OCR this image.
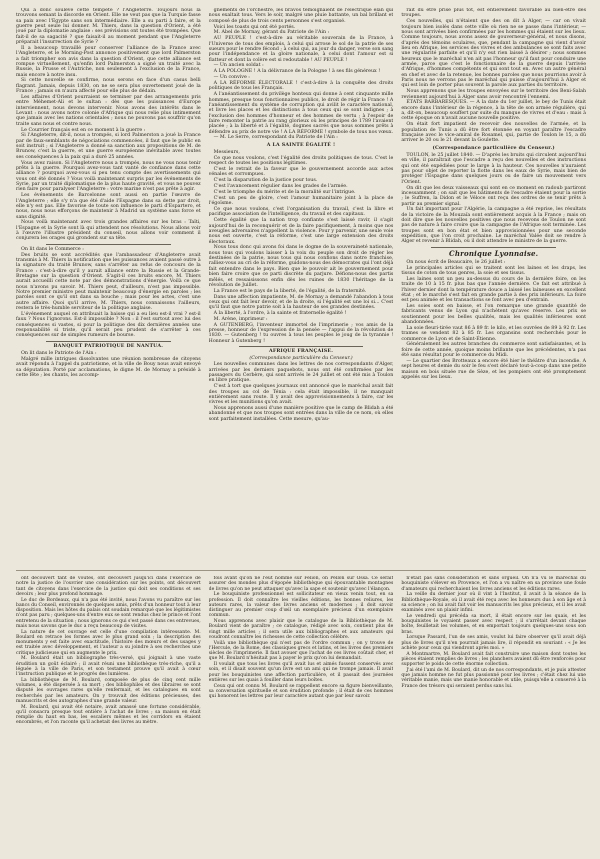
Qui a donc soulevé cette tempête ? l'Angleterre. Toujours nous la trouvons semant la discorde en Orient. Elle ne veut pas que la Turquie fasse sa paix avec l'Egypte sans son intermédiaire. Elle a su parti à faire, et la guerre peut seule lui donner. M. Thiers, dans la question d'Orient, a été joué par la diplomatie anglaise : ses prévisions ont toutes été trompées. Que fait-il de sa sagacité ? que faisait-il au moment pendant que l'Angleterre préparait l'insurrection de Syrie ?

Il a beaucoup travaillé pour conserver l'alliance de la France avec l'Angleterre, et le Morning-Post annonce positivement que lord Palmerston a fait triompher son avis dans la question d'Orient, que cette alliance est rompue virtuellement, qu'enfin lord Palmerston a signé un traité avec la Russie, la Prusse et l'Autriche, non seulement à l'exclusion de la France, mais encore à notre insu.

Si cette nouvelle se confirme, nous serons en face d'un casus belli flagrant. Jamais, depuis 1830, on ne se sera plus ouvertement joué de la France ; jamais on n'aura affecté pour elle plus de dédain.

Les affaires d'Orient pourraient se terminer par des arrangements pris entre Méhemet-Ali et le sultan : dès que les puissances d'Europe interviennent, nous devons intervenir. Nous avons des intérêts dans le Levant : nous avons notre colonie d'Afrique qui nous relie plus intimement que jamais avec les nations orientales ; nous ne pouvons pas souffrir qu'on traite sans nous et contre nous.

Le Courrier français est en ce moment à la guerre :

Si l'Angleterre, dit-il, nous a trompés, si lord Palmerston a joué la France par de faux-semblants de négociations commencées, il faut que le public en soit instruit ; si l'Angleterre a donné sa sanction aux propositions de M. de Brunow, c'est la guerre, et une guerre européenne inévitable avec toutes ses conséquences à la paix qui a duré 25 années.

Vous avez raison. Si l'Angleterre nous a trompés, nous ne vous nous tenir prêts à la guerre. Pourquoi avez-vous tant vanté de confiance dans cette alliance ? pourquoi avez-vous si peu tenu compte des avertissements qui vous ont été donnés ? Vous voilà maintenant surpris par les événements de Syrie, par un traité diplomatique de la plus haute gravité, et vous ne pouvez rien faire pour paralyser l'Angleterre : votre marine n'est pas prête à agir.

Les événements de Barcelonne sont aussi en partie l'œuvre de l'Angleterre ; elle s'y n'a que été d'aide l'Espagne dans sa dette par droit, elle n'y est pas. Elle favorise de toute son influence le parti d'Espartero, et nous, nous nous efforçons de maintenir à Madrid un système sans force et sans dignité.

Nous voilà maintenant avec trois grandes affaires sur les bras : Taïti, l'Espagne et la Syrie sont là qui attendent nos résolutions. Nous allons voir à l'œuvre l'illustre président du conseil, nous allons voir comment il conjurera les orages qui grondent sur sa tête.

On lit dans le Commerce :

Des bruits se sont accrédités que l'ambassadeur d'Angleterre avait transmis à M. Thiers la notification que les puissances avaient passé outre à la signature du traité Brunow, sans s'arrêter au refus de concours de la France : c'est-à-dire qu'il y aurait alliance entre la Russie et la Grande-Bretagne sur la question d'Orient. S'agit-il ces bruits encore, M. Thiers aurait accueilli cette note par des démonstrations d'énergie. Voilà ce que nous n'avons pu savoir. M. Thiers peut, d'ailleurs, n'est pas impossible. Notre premier ministre peut maintenir beaucoup d'énergie en paroles ; les paroles sont ce qu'il ont dans sa bouche ; mais pour les actes, c'est une autre affaire. Quoi qu'il arrive, M. Thiers, nous connaissons l'ailleurs, restera le très-humble serviteur de la politique anglaise.

L'événement auquel on attribuait la baisse qui a eu lieu est-il vrai ? est-il faux ? Nous l'ignorons. Est-il impossible ? Non : il l'est surtout avec lui des conséquences si vastes, si pour la politique des dix dernières années une responsabilité si triste, qu'il serait peu prudent de s'arrêter à ces conséquences sur de simples rumeurs de bourse.

BANQUET PATRIOTIQUE DE NANTUA.

On lit dans le Patriote de l'Ain :

Malgré mille intrigues dissolvantes une réunion nombreuse de citoyens avait répondu à l'appel du patriotisme, et la ville de Bouy nous avait envoyé sa députation. Porté par acclamations, le digne M. de Mornay a présidé à cette fête ; les chants, les accomp-

gnements de l'orchestre, les bravos témoignaient de l'électrique élan qui nous exaltait tous. Vers le soir, malgré une pluie battante, un bal brillant et composé de plus de trois cents personnes s'est organisé.

Voici les toasts qui ont été portés.

M. Abel de Mornay, gérant du Patriote de l'Ain :

AU PEUPLE ! c'est-à-dire au véritable souverain de la France, à l'Universe de tous des emplois, à celui qui arrose le sol de la patrie de ses sueurs pour le rendre fécond ; à celui qui, au jour du danger, verse son sang pour l'indépendance et la gloire nationale, à celui dont l'amour est si flatteur et dont la colère est si redoutable ! AU PEUPLE !

— Un ancien soldat :

A LA POLOGNE ! A la délivrance de la Pologne ! à ses fils généreux !

— Un convive :

A LA RÉFORME ÉLECTORALE ! c'est-à-dire à la conquête des droits politiques de tous les Français.

A l'anéantissement du privilège honteux qui donne à cent cinquante mille hommes, presque tous fonctionnaires publics, le droit de régir la France ! A l'anéantissement du système de corruption qui avilit le caractère national, et livre les places et les distinctions à tous ceux qui se sont indignes ; à l'exclusion des hommes d'honneur et des hommes de vertu ; à l'espoir de faire remonter la patrie au rang glorieux où les principes de 1789 l'avaient placée ; à la liberté et à l'égalité, dogmes sacrés que nous sommes prêts à défendre au prix de notre vie ! A LA RÉFORME ! symbole de tous nos vœux.

— M. Le Serre, correspondant du Patriote de l'Ain :

A LA SAINTE ÉGALITÉ !

Messieurs,

Ce que nous voulons, c'est l'égalité des droits politiques de tous. C'est le respect de toutes les positions légitimes.

C'est le retrait de la faveur que le gouvernement accorde aux actes vénales et corrompues.

C'est la disparution de la justice pour tous.

C'est l'avancement régulier dans les grades de l'armée.

C'est le triomphe du mérite et de la moralité sur l'intrigue.

C'est un peu de gloire, c'est l'amour humanitaire joint à la place de l'égoïsme.

Ce que nous voulons, c'est l'organisation du travail, c'est la libre et pacifique association de l'intelligence, du travail et des capitaux.

Cette égalité que la nation trop confiante s'est laissé ravir, il s'agit aujourd'hui de la reconquérir et de la faire pacifiquement, à moins que nos aveugles adversaires n'appellent la violence. Pour y parvenir, une seule voie nous est ouverte, c'est la réforme, c'est une large extension des droits électoraux.

Nous tous donc qui avons foi dans le dogme de la souveraineté nationale, nous tous qui voulons laisser à la voix du peuple son droit de régler les destinées de la patrie, nous tous qui nous confions dans notre franchise, ralliez-vous au cri de la réforme, guidons-nous des démocrates qui l'ont déjà fait entendre dans le pays. Bien que le pouvoir ait le gouvernement pour bien faire croire que ce parti discrète du parjure. Défions-nous des partis mêlés, et ressaisissons enfin dès les ruines de 1830 l'héritage de la révolution de Juillet.

La France est le pays de la liberté, de l'égalité, de la fraternité.

Dans une affection impatiente, M. de Mornay a demandé l'abandon à tous ceux qui ont fait leur devoir, et de la droite, si l'égalité est une loi si... C'est qu'il faut que notre patrie soit à la hauteur de ses grandes destinées.

A la liberté, à l'ordre, à la sainte et fraternelle égalité !

M. Arène, imprimeur :

A GUTENBERG, l'inventeur immortel de l'imprimerie ; vos amis de la presse, honneur de l'expression de la pensée — l'appui de la révolution de 1830. — Gutenberg ! tu ouvres à tous les peuples le joug de la tyrannie ! Honneur à Gutenberg !

AFRIQUE FRANÇAISE.

(Correspondance particulière du Censeur.)

Les nouvelles communes dans les lettres de nos correspondants d'Alger, arrivées par les derniers paquebots, nous ont été confirmées par les passagers du Cerbère, qui sont arrivés le 24 juillet et ont été mis à Toulon en libre pratique.

C'est à tort que quelques journaux ont annoncé que le maréchal avait fait des troupes au col de Ténia : cela était impossible, il ne manquait entièrement sans route. Il y avait des approvisionnements à faire, car les vivres et les munitions qu'on avait.

Nous apprenons aussi d'une manière positive que le camp de Blidah a été abandonné et que nos troupes sont entrées dans la ville de ce nom, où elles sont parfaitement installées. Cette mesure, qu'au-

rait dû être prise plus tôt, est entièrement favorable au bien-être des troupes.

Ces nouvelles, qui n'étaient que des on dit à Alger, — car on vivait toujours bien isolés dans cette ville où rien ne se passe dans l'intérieur, — nous sont arrivées bien confirmées par les hommes qui étaient sur les lieux. Comme toujours, nous avons assez de gouverneur-général, et nous disons, d'après des témoins oculaires, que, pendant la campagne qui vient d'avoir lieu en Afrique, les services des vivres et des ambulances se sont faits avec une régularité parfaite et qu'il n'y eut rien laissé à désirer ; nous sommes heureux que le maréchal n'en ait pas l'honneur qu'il faut pour conduire une armée, parce que c'est le fonctionnaire de la guerre depuis l'arrivée d'Afrique, d'hommes compétents et qui sont tout en. Avec un autre général en chef et avec de la retenue, les bonnes paroles que nous pourrions avoir à Paris nous ne verrons pas le maréchal qui puisse d'aujourd'hui à Alger et qui est loin de porter plus souvent la parole aux parties du territoire.

Nous apprenons que les troupes envoyées sur le territoire des Beni-Salah reviennent aujourd'hui à Alger sans avoir rencontré l'ennemi.

ÉTATS BARBARESQUES. — A la date du 1er juillet, le bey de Tunis était encore dans l'intérieur de la régence, à la tête de son armée régulière, qui a, dit-on, beaucoup souffert par suite du manque de vivres et d'eau : mais à cette époque on n'avait aucune nouvelle positive.

On était fort impatient de recevoir des nouvelles de l'armée, et la population de Tunis a dû être fort étonnée en voyant paraître l'escadre française avec le vice-amiral de Rosamel, qui, partie de Toulon le 15, a dû arriver le 20 ou le 21 devant la Goulette.

(Correspondance particulière du Censeur.)

TOULON, le 25 juillet 1840. — D'après les bruits qui circulent aujourd'hui en ville, il paraîtrait que l'escadre a reçu des nouvelles et des instructions qui ont été expédiées pour le large à la hauteur. Ces nouvelles n'auraient pas pour objet de reporter la flotte dans les eaux de Syrie, mais bien de protéger l'Espagne dans quelques jours ou de faire un mouvement vers l'Orient.

On dit que les deux vaisseaux qui sont en ce moment en radoub partiront incessamment ; on sait que les bâtiments de l'escadre étaient pour la sortie ; le Suffren, la Didon et le Véloce ont reçu des ordres de se tenir prêts à partir au premier signal.

Un fait important pour l'Algérie, la campagne a été reprise, les résultats de la victoire de la Mouzaïa sont entièrement acquis à la France ; mais on doit dire que les nouvelles positives que nous recevons de Toulon ne sont pas de nature à faire croire que la campagne de l'Afrique soit terminée. Les troupes sont en bon état et bien approvisionnées pour une seconde expédition, que l'on croit prochaine. Le maréchal Valée doit se rendre à Alger et revenir à Blidah, où il doit attendre le ministre de la guerre.

Chronique Lyonnaise.

On nous écrit de Beaucaire, le 26 juillet :

Le principales articles qui se traitent sont les laines et les draps, les tissus de coton de tous genres, la soie et ses tissus.

Les laines sont un peu au-dessus du cours de la dernière foire, on les traite de 10 à 15 fr. plus bas que l'année dernière. Ce fait est attribué à l'hiver dernier dont la température douce a laissé les laineuses en excellent état ; et le marché s'est fait en grande partie à des prix inférieurs. La foire est peu animée et les transactions se font avec peu d'entrain.

Les soies sont en baisse, et l'on remarque une grande quantité de fabricants venus de Lyon qui n'achètent qu'avec réserve. Les prix se soutiennent pour les belles qualités, mais les qualités inférieures sont abandonnées.

La soie fleuri-tirée vaut 86 à 89 fr. le kilo, et les ouvrées de 89 à 92 fr. Les trames se vendent 82 à 85 fr. Les organsins sont recherchés pour le commerce de Lyon et de Saint-Étienne.

Généralement les autres branches du commerce sont satisfaisantes, et la foire de cette année, quoique moins brillante que les précédentes, n'a pas été sans résultat pour le commerce du Midi.

— Le quartier des Brotteaux a encore été hier le théâtre d'un incendie. A sept heures et demie du soir le feu s'est déclaré tout-à-coup dans une petite maison en bois située rue de Sèze, et les pompiers ont été promptement appelés sur les lieux.

ont découvert tant de voûtes, ont découvert jusqu'ici dans l'exercice de notre la justice de l'ouvrier une considération sur les points, ont découvert tant de citoyens dans l'exercice de la justice qui doit ses conditions et ses devoirs ; leur plus profond hommage.

Le duc de Bordeaux, qui n'a pas été invité, nous l'avons vu paraître sur les bancs du Conseil, environnés de quelques amis, prêts d'un honneur tout à leur disposition. Mais les hôtes du palais ont soudain remarqué que les légitimistes n'ont pas paru ; quelques-uns d'entre eux se sont rendus chez le prince et l'ont entretenu de la situation ; nous ignorons ce qui s'est passé dans ces entrevues, mais nous savons que le duc a reçu beaucoup de visites.

La nature de cet ouvrage est celle d'une compilation intéressante. M. Boulard en retrace les formes avec le plus grand soin ; la description des monuments y est faite avec exactitude, l'histoire des mœurs et des usages y est traitée avec développement, et l'auteur a su joindre à ses recherches une critique judicieuse qui en augmente le prix.

M. Boulard était un bibliographe très-versé, qui joignait à une vaste érudition un goût éclairé ; il avait réuni une bibliothèque très-riche, qu'il a léguée à la ville de Paris, et son testament prouve qu'il avait à cœur l'instruction publique et le progrès des lumières.

La bibliothèque de M. Boulard, composée de plus de cinq cent mille volumes, a été dispersée à sa mort ; des bibliophiles et des libraires se sont disputé les ouvrages rares qu'elle renfermait, et les catalogues en sont recherchés par les amateurs. On y trouvait des éditions précieuses, des manuscrits et des autographes d'une grande valeur.

M. Boulard, qui avait été notaire, avait amassé une fortune considérable, qu'il consacra presque tout entière à l'achat de livres ; sa maison en était remplie du haut en bas, les escaliers mêmes et les corridors en étaient encombrés, et l'on raconte qu'il achetait des livres au mètre.

fois avant qu'on ne l'eût nommé sur Félion, on Pellon sur Ossa. Ce serait assurer des mondes plus d'épopée bibliothèque qui épouvantable montagnes de livres qu'on ne peut attaquer qu'avec la sape et soutenir qu'avec l'élançon.

Le bouquiniste professionnel est sollicitateur en vieux venin tout, en sa profession. Il doit connaître les vieilles éditions, les bonnes reliures, les auteurs rares, la valeur des livres anciens et modernes ; il doit savoir distinguer au premier coup d'œil un exemplaire précieux d'un exemplaire commun.

Nous apprenons avec plaisir que le catalogue de la Bibliothèque de M. Boulard vient de paraître ; ce catalogue, rédigé avec soin, contient plus de vingt mille articles ; il sera utile aux bibliographes et aux amateurs qui voudront connaître les richesses de cette collection célèbre.

Voilà une bibliothèque qui n'est pas de l'ordre commun ; on y trouve de l'Hercule, de la Rome, des classiques grecs et latins, et les livres des premiers siècles de l'imprimerie. Il faut avouer que l'achat de ces livres coûtait cher, et que M. Boulard n'hésitait pas à payer le prix qu'on lui demandait.

Il voulait que tous les livres qu'il avait lus et aimés fussent conservés avec soin, et il disait souvent qu'un livre est un ami qui ne trompe jamais. Il avait pour les bouquinistes une affection particulière, et il passait des journées entières sur les quais à fouiller dans leurs boîtes.

Ceux qui ont connu M. Boulard se rappellent encore sa figure bienveillante, sa conversation spirituelle et son érudition profonde ; il était de ces hommes qui honorent les lettres par leur caractère autant que par leur savoir.

n'était pas sans considération et sans orgueil. On n'a vu le maréchal du bouquiniste s'élever en Provence, et l'on a vu naître en sa province une foule d'amateurs qui recherchaient les livres anciens et les éditions rares.

La veille du dernier jour où il vint à l'Institut, il avait à la séance de la Bibliothèque-Royale, où il avait été reçu avec les honneurs dus à son âge et à sa science ; on lui avait fait voir les manuscrits les plus précieux, et il les avait examinés avec un plaisir infini.

Le vendredi qui précéda sa mort, il était encore sur les quais, et les bouquinistes le voyaient passer avec respect ; il s'arrêtait devant chaque boîte, feuilletait les volumes, et en emportait toujours quelques-uns sous son bras.

Lorsque Passard, l'un de ses amis, voulut lui faire observer qu'il avait déjà plus de livres qu'il n'en pourrait jamais lire, il répondit en souriant : « Je les achète pour ceux qui viendront après moi. »

A Montmartre, M. Boulard avait fait construire une maison dont toutes les pièces étaient remplies de livres ; les planchers avaient dû être renforcés pour supporter le poids de cette énorme collection.

J'ai été l'ami de M. Boulard, dit un de nos correspondants, et je puis attester que jamais homme ne fut plus passionné pour les livres ; c'était chez lui une véritable manie, mais une manie honorable et utile, puisqu'elle a conservé à la France des trésors qui seraient perdus sans lui.
